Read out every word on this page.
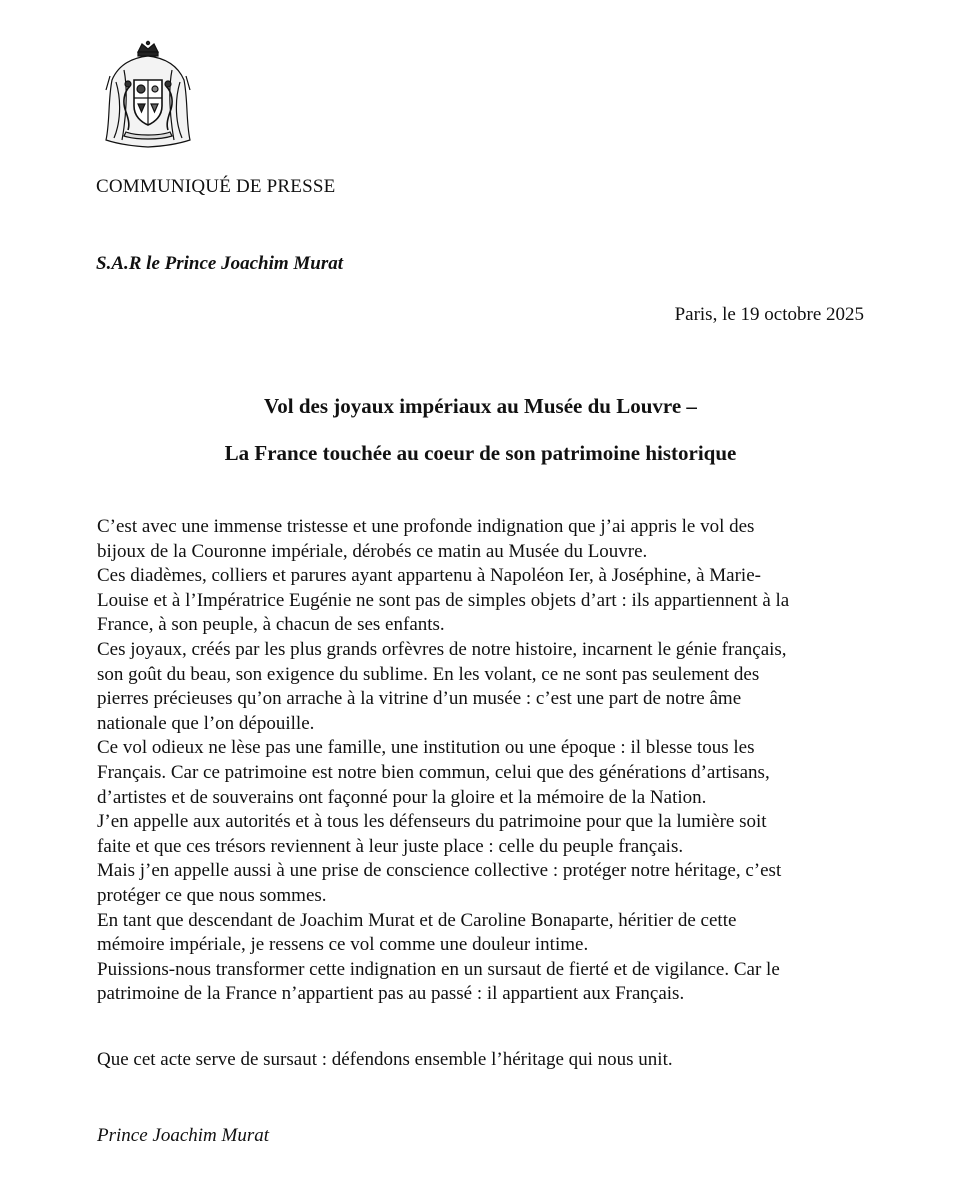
COMMUNIQUÉ DE PRESSE
S.A.R le Prince Joachim Murat
Paris, le 19 octobre 2025
Vol des joyaux impériaux au Musée du Louvre –
La France touchée au coeur de son patrimoine historique

C’est avec une immense tristesse et une profonde indignation que j’ai appris le vol des
bijoux de la Couronne impériale, dérobés ce matin au Musée du Louvre.

Ces diadèmes, colliers et parures ayant appartenu à Napoléon Ier, à Joséphine, à Marie-
Louise et à l’Impératrice Eugénie ne sont pas de simples objets d’art : ils appartiennent à la
France, à son peuple, à chacun de ses enfants.

Ces joyaux, créés par les plus grands orfèvres de notre histoire, incarnent le génie français,
son goût du beau, son exigence du sublime. En les volant, ce ne sont pas seulement des
pierres précieuses qu’on arrache à la vitrine d’un musée : c’est une part de notre âme
nationale que l’on dépouille.

Ce vol odieux ne lèse pas une famille, une institution ou une époque : il blesse tous les
Français. Car ce patrimoine est notre bien commun, celui que des générations d’artisans,
d’artistes et de souverains ont façonné pour la gloire et la mémoire de la Nation.

J’en appelle aux autorités et à tous les défenseurs du patrimoine pour que la lumière soit
faite et que ces trésors reviennent à leur juste place : celle du peuple français.

Mais j’en appelle aussi à une prise de conscience collective : protéger notre héritage, c’est
protéger ce que nous sommes.

En tant que descendant de Joachim Murat et de Caroline Bonaparte, héritier de cette
mémoire impériale, je ressens ce vol comme une douleur intime.

Puissions-nous transformer cette indignation en un sursaut de fierté et de vigilance. Car le
patrimoine de la France n’appartient pas au passé : il appartient aux Français.

Que cet acte serve de sursaut : défendons ensemble l’héritage qui nous unit.
Prince Joachim Murat
